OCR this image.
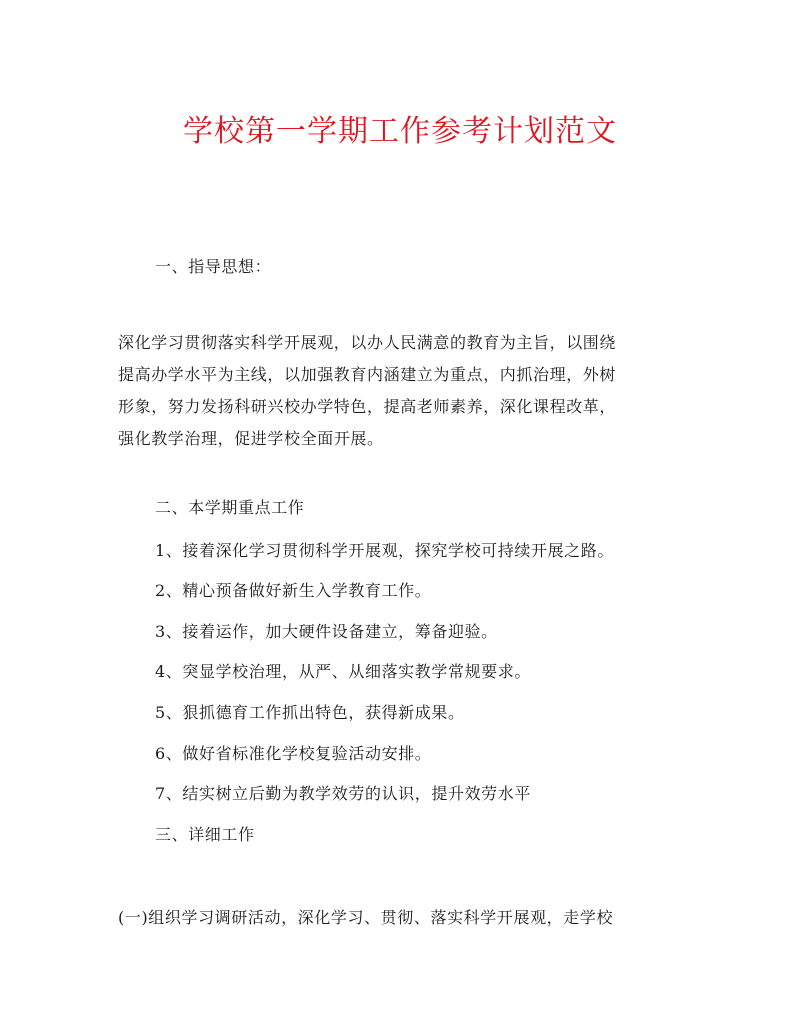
学校第一学期工作参考计划范文
一、指导思想：
深化学习贯彻落实科学开展观，以办人民满意的教育为主旨，以围绕
提高办学水平为主线，以加强教育内涵建立为重点，内抓治理，外树
形象，努力发扬科研兴校办学特色，提高老师素养，深化课程改革，
强化教学治理，促进学校全面开展。
二、本学期重点工作
1、接着深化学习贯彻科学开展观，探究学校可持续开展之路。
2、精心预备做好新生入学教育工作。
3、接着运作，加大硬件设备建立，筹备迎验。
4、突显学校治理，从严、从细落实教学常规要求。
5、狠抓德育工作抓出特色，获得新成果。
6、做好省标准化学校复验活动安排。
7、结实树立后勤为教学效劳的认识，提升效劳水平
三、详细工作
(一)组织学习调研活动，深化学习、贯彻、落实科学开展观，走学校
